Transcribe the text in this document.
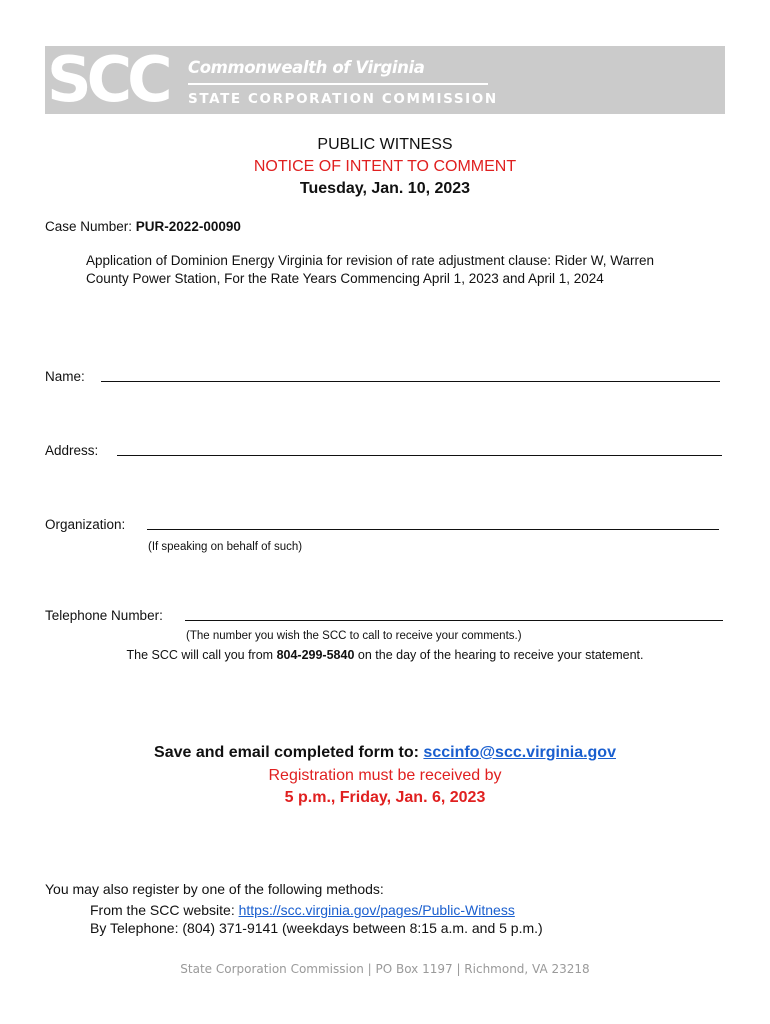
SCC Commonwealth of Virginia
STATE CORPORATION COMMISSION
PUBLIC WITNESS
NOTICE OF INTENT TO COMMENT
Tuesday, Jan. 10, 2023
Case Number: PUR-2022-00090
Application of Dominion Energy Virginia for revision of rate adjustment clause: Rider W, Warren County Power Station, For the Rate Years Commencing April 1, 2023 and April 1, 2024
Name:
Address:
Organization:
(If speaking on behalf of such)
Telephone Number:
(The number you wish the SCC to call to receive your comments.)
The SCC will call you from 804-299-5840 on the day of the hearing to receive your statement.
Save and email completed form to: sccinfo@scc.virginia.gov
Registration must be received by
5 p.m., Friday, Jan. 6, 2023
You may also register by one of the following methods:
From the SCC website: https://scc.virginia.gov/pages/Public-Witness
By Telephone: (804) 371-9141 (weekdays between 8:15 a.m. and 5 p.m.)
State Corporation Commission | PO Box 1197 | Richmond, VA 23218
